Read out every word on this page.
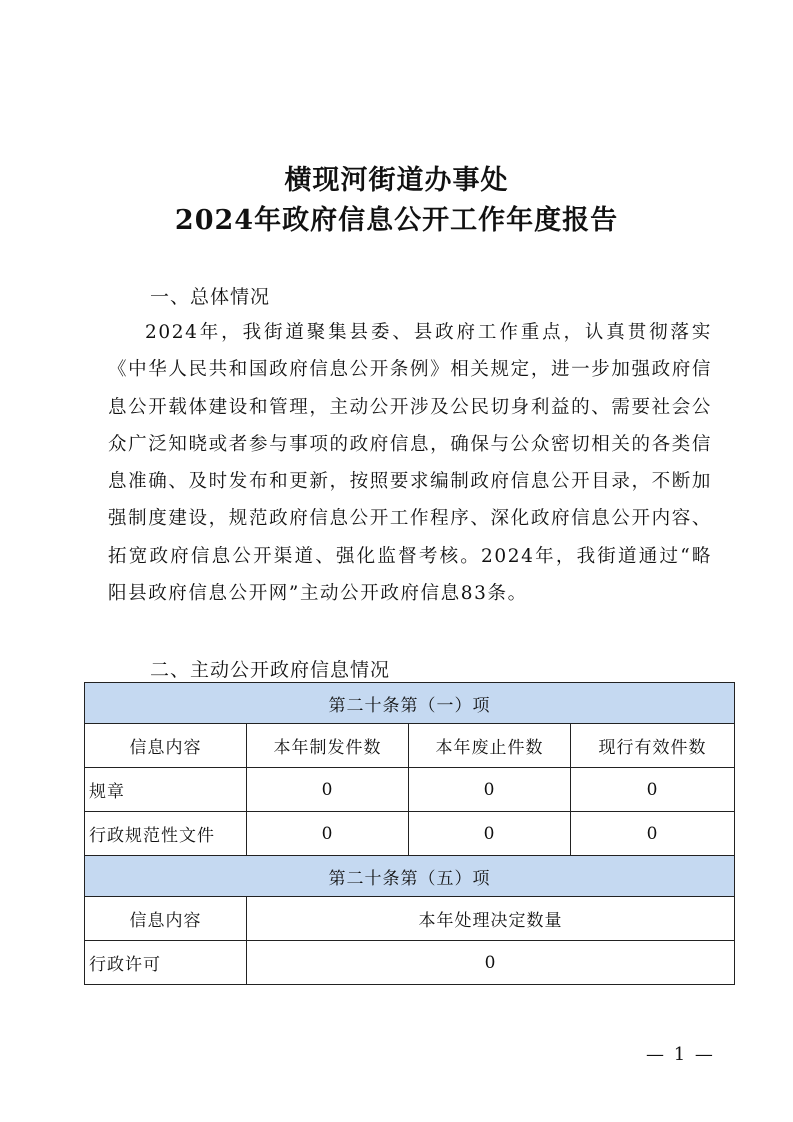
横现河街道办事处
2024年政府信息公开工作年度报告
一、总体情况

2024年，我街道聚集县委、县政府工作重点，认真贯彻落实《中华人民共和国政府信息公开条例》相关规定，进一步加强政府信息公开载体建设和管理，主动公开涉及公民切身利益的、需要社会公众广泛知晓或者参与事项的政府信息，确保与公众密切相关的各类信息准确、及时发布和更新，按照要求编制政府信息公开目录，不断加强制度建设，规范政府信息公开工作程序、深化政府信息公开内容、拓宽政府信息公开渠道、强化监督考核。2024年，我街道通过“略阳县政府信息公开网”主动公开政府信息83条。

二、主动公开政府信息情况
第二十条第（一）项			
信息内容	本年制发件数	本年废止件数	现行有效件数
规章	0	0	0
行政规范性文件	0	0	0
第二十条第（五）项			
信息内容	本年处理决定数量		
行政许可	0		
— 1 —
